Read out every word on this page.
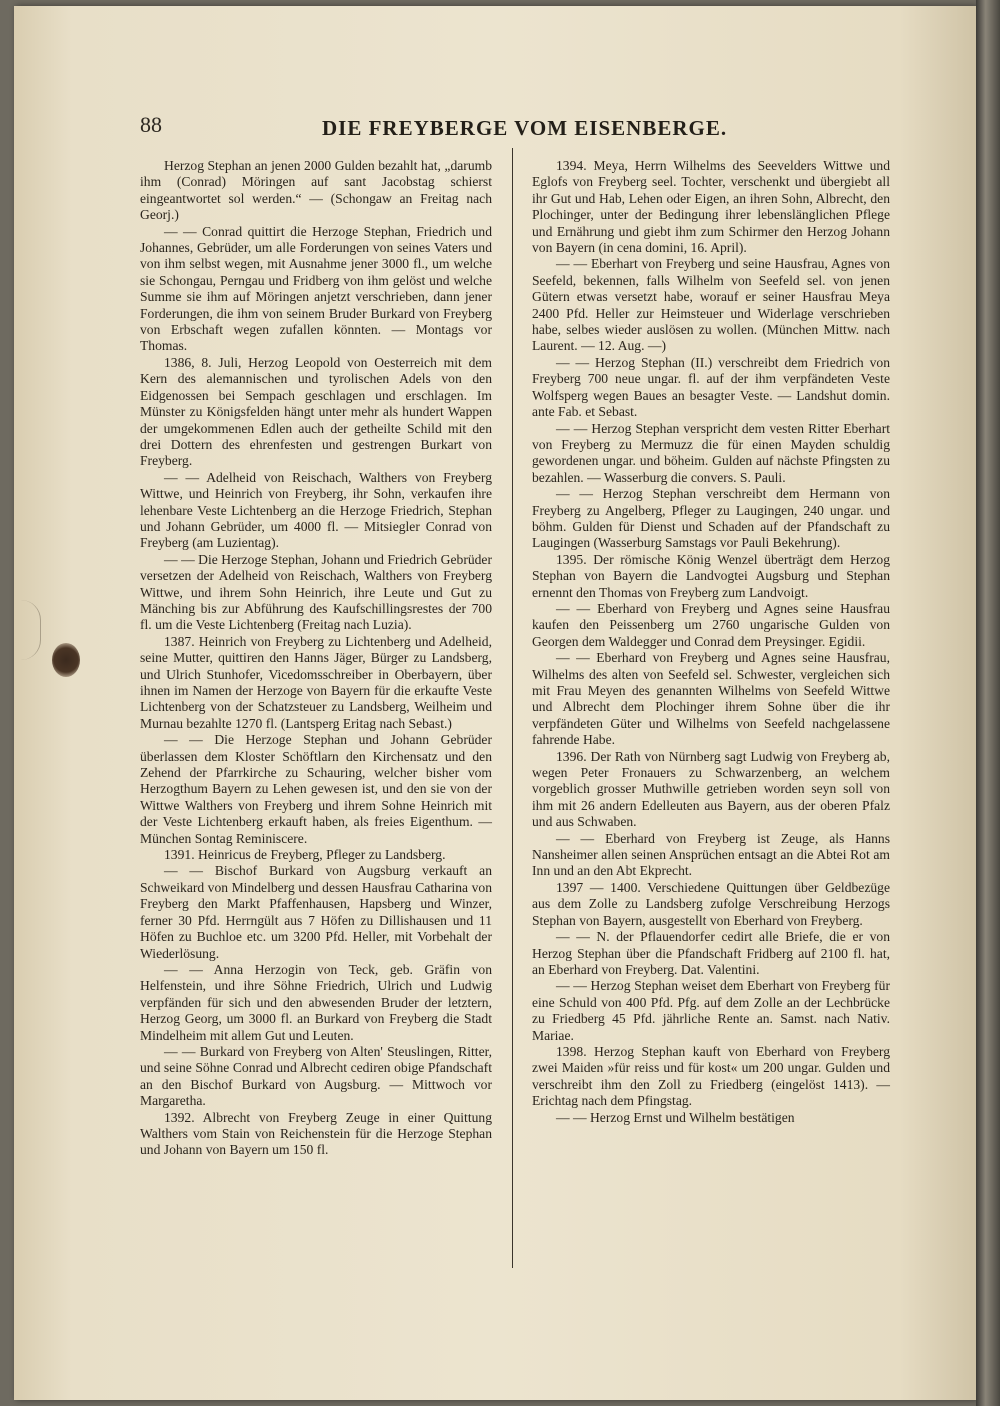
88	DIE FREYBERGE VOM EISENBERGE.

Herzog Stephan an jenen 2000 Gulden bezahlt hat, „darumb ihm (Conrad) Möringen auf sant Jacobstag schierst eingeantwortet sol werden.“ — (Schongaw an Freitag nach Georj.)

— — Conrad quittirt die Herzoge Stephan, Friedrich und Johannes, Gebrüder, um alle Forderungen von seines Vaters und von ihm selbst wegen, mit Ausnahme jener 3000 fl., um welche sie Schongau, Perngau und Fridberg von ihm gelöst und welche Summe sie ihm auf Möringen anjetzt verschrieben, dann jener Forderungen, die ihm von seinem Bruder Burkard von Freyberg von Erbschaft wegen zufallen könnten. — Montags vor Thomas.

1386, 8. Juli, Herzog Leopold von Oesterreich mit dem Kern des alemannischen und tyrolischen Adels von den Eidgenossen bei Sempach geschlagen und erschlagen. Im Münster zu Königsfelden hängt unter mehr als hundert Wappen der umgekommenen Edlen auch der getheilte Schild mit den drei Dottern des ehrenfesten und gestrengen Burkart von Freyberg.

— — Adelheid von Reischach, Walthers von Freyberg Wittwe, und Heinrich von Freyberg, ihr Sohn, verkaufen ihre lehenbare Veste Lichtenberg an die Herzoge Friedrich, Stephan und Johann Gebrüder, um 4000 fl. — Mitsiegler Conrad von Freyberg (am Luzientag).

— — Die Herzoge Stephan, Johann und Friedrich Gebrüder versetzen der Adelheid von Reischach, Walthers von Freyberg Wittwe, und ihrem Sohn Heinrich, ihre Leute und Gut zu Mänching bis zur Abführung des Kaufschillingsrestes der 700 fl. um die Veste Lichtenberg (Freitag nach Luzia).

1387. Heinrich von Freyberg zu Lichtenberg und Adelheid, seine Mutter, quittiren den Hanns Jäger, Bürger zu Landsberg, und Ulrich Stunhofer, Vicedomsschreiber in Oberbayern, über ihnen im Namen der Herzoge von Bayern für die erkaufte Veste Lichtenberg von der Schatzsteuer zu Landsberg, Weilheim und Murnau bezahlte 1270 fl. (Lantsperg Eritag nach Sebast.)

— — Die Herzoge Stephan und Johann Gebrüder überlassen dem Kloster Schöftlarn den Kirchensatz und den Zehend der Pfarrkirche zu Schauring, welcher bisher vom Herzogthum Bayern zu Lehen gewesen ist, und den sie von der Wittwe Walthers von Freyberg und ihrem Sohne Heinrich mit der Veste Lichtenberg erkauft haben, als freies Eigenthum. — München Sontag Reminiscere.

1391. Heinricus de Freyberg, Pfleger zu Landsberg.

— — Bischof Burkard von Augsburg verkauft an Schweikard von Mindelberg und dessen Hausfrau Catharina von Freyberg den Markt Pfaffenhausen, Hapsberg und Winzer, ferner 30 Pfd. Herrngült aus 7 Höfen zu Dillishausen und 11 Höfen zu Buchloe etc. um 3200 Pfd. Heller, mit Vorbehalt der Wiederlösung.

— — Anna Herzogin von Teck, geb. Gräfin von Helfenstein, und ihre Söhne Friedrich, Ulrich und Ludwig verpfänden für sich und den abwesenden Bruder der letztern, Herzog Georg, um 3000 fl. an Burkard von Freyberg die Stadt Mindelheim mit allem Gut und Leuten.

— — Burkard von Freyberg von Alten' Steuslingen, Ritter, und seine Söhne Conrad und Albrecht cediren obige Pfandschaft an den Bischof Burkard von Augsburg. — Mittwoch vor Margaretha.

1392. Albrecht von Freyberg Zeuge in einer Quittung Walthers vom Stain von Reichenstein für die Herzoge Stephan und Johann von Bayern um 150 fl.

1394. Meya, Herrn Wilhelms des Seevelders Wittwe und Eglofs von Freyberg seel. Tochter, verschenkt und übergiebt all ihr Gut und Hab, Lehen oder Eigen, an ihren Sohn, Albrecht, den Plochinger, unter der Bedingung ihrer lebenslänglichen Pflege und Ernährung und giebt ihm zum Schirmer den Herzog Johann von Bayern (in cena domini, 16. April).

— — Eberhart von Freyberg und seine Hausfrau, Agnes von Seefeld, bekennen, falls Wilhelm von Seefeld sel. von jenen Gütern etwas versetzt habe, worauf er seiner Hausfrau Meya 2400 Pfd. Heller zur Heimsteuer und Widerlage verschrieben habe, selbes wieder auslösen zu wollen. (München Mittw. nach Laurent. — 12. Aug. —)

— — Herzog Stephan (II.) verschreibt dem Friedrich von Freyberg 700 neue ungar. fl. auf der ihm verpfändeten Veste Wolfsperg wegen Baues an besagter Veste. — Landshut domin. ante Fab. et Sebast.

— — Herzog Stephan verspricht dem vesten Ritter Eberhart von Freyberg zu Mermuzz die für einen Mayden schuldig gewordenen ungar. und böheim. Gulden auf nächste Pfingsten zu bezahlen. — Wasserburg die convers. S. Pauli.

— — Herzog Stephan verschreibt dem Hermann von Freyberg zu Angelberg, Pfleger zu Laugingen, 240 ungar. und böhm. Gulden für Dienst und Schaden auf der Pfandschaft zu Laugingen (Wasserburg Samstags vor Pauli Bekehrung).

1395. Der römische König Wenzel überträgt dem Herzog Stephan von Bayern die Landvogtei Augsburg und Stephan ernennt den Thomas von Freyberg zum Landvoigt.

— — Eberhard von Freyberg und Agnes seine Hausfrau kaufen den Peissenberg um 2760 ungarische Gulden von Georgen dem Waldegger und Conrad dem Preysinger. Egidii.

— — Eberhard von Freyberg und Agnes seine Hausfrau, Wilhelms des alten von Seefeld sel. Schwester, vergleichen sich mit Frau Meyen des genannten Wilhelms von Seefeld Wittwe und Albrecht dem Plochinger ihrem Sohne über die ihr verpfändeten Güter und Wilhelms von Seefeld nachgelassene fahrende Habe.

1396. Der Rath von Nürnberg sagt Ludwig von Freyberg ab, wegen Peter Fronauers zu Schwarzenberg, an welchem vorgeblich grosser Muthwille getrieben worden seyn soll von ihm mit 26 andern Edelleuten aus Bayern, aus der oberen Pfalz und aus Schwaben.

— — Eberhard von Freyberg ist Zeuge, als Hanns Nansheimer allen seinen Ansprüchen entsagt an die Abtei Rot am Inn und an den Abt Ekprecht.

1397 — 1400. Verschiedene Quittungen über Geldbezüge aus dem Zolle zu Landsberg zufolge Verschreibung Herzogs Stephan von Bayern, ausgestellt von Eberhard von Freyberg.

— — N. der Pflauendorfer cedirt alle Briefe, die er von Herzog Stephan über die Pfandschaft Fridberg auf 2100 fl. hat, an Eberhard von Freyberg. Dat. Valentini.

— — Herzog Stephan weiset dem Eberhart von Freyberg für eine Schuld von 400 Pfd. Pfg. auf dem Zolle an der Lechbrücke zu Friedberg 45 Pfd. jährliche Rente an. Samst. nach Nativ. Mariae.

1398. Herzog Stephan kauft von Eberhard von Freyberg zwei Maiden »für reiss und für kost« um 200 ungar. Gulden und verschreibt ihm den Zoll zu Friedberg (eingelöst 1413). — Erichtag nach dem Pfingstag.

— — Herzog Ernst und Wilhelm bestätigen
